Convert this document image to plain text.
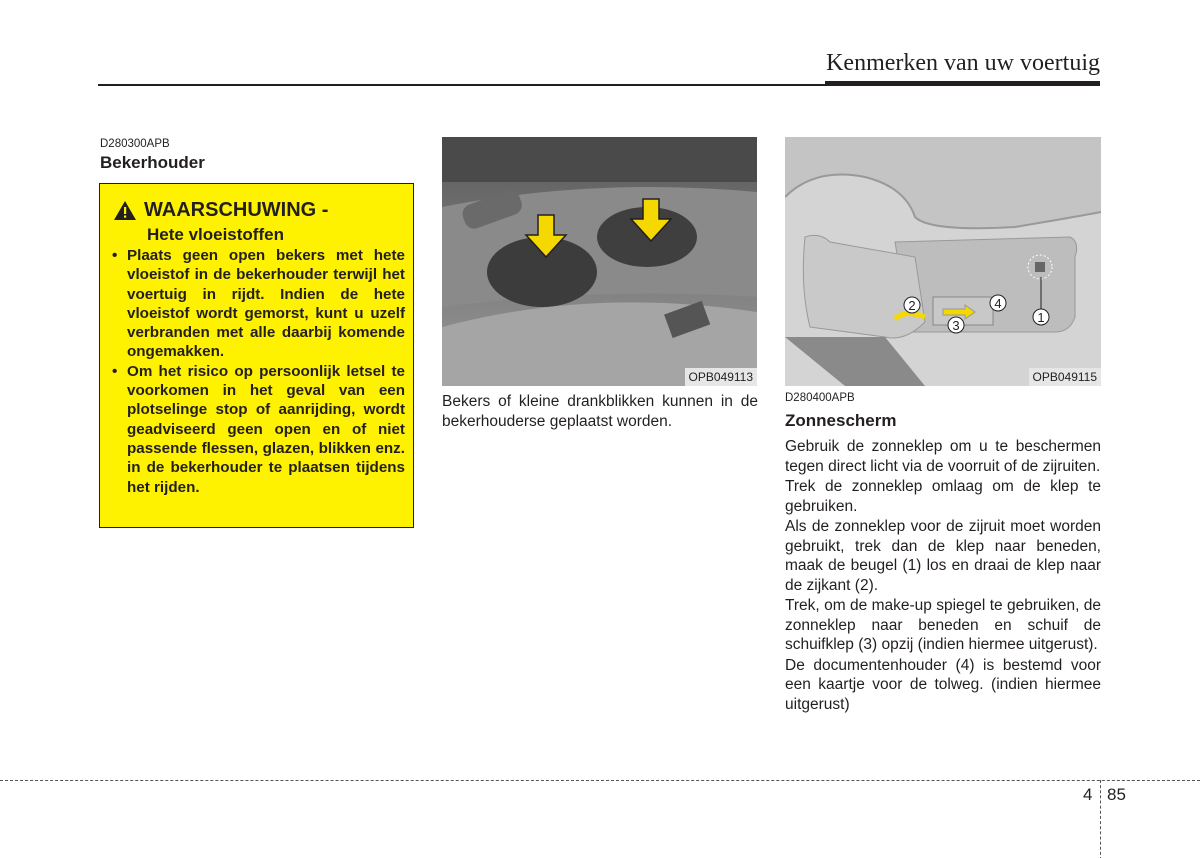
Kenmerken van uw voertuig
D280300APB
Bekerhouder
WAARSCHUWING -
Hete vloeistoffen
• Plaats geen open bekers met hete vloeistof in de bekerhouder terwijl het voertuig in rijdt. Indien de hete vloeistof wordt gemorst, kunt u uzelf verbranden met alle daarbij komende ongemakken.
• Om het risico op persoonlijk letsel te voorkomen in het geval van een plotselinge stop of aanrijding, wordt geadviseerd geen open en of niet passende flessen, glazen, blikken enz. in de bekerhouder te plaatsen tijdens het rijden.
OPB049113
Bekers of kleine drankblikken kunnen in de bekerhouderse geplaatst worden.
1
2
3
4
OPB049115
D280400APB
Zonnescherm

Gebruik de zonneklep om u te beschermen tegen direct licht via de voorruit of de zijruiten.

Trek de zonneklep omlaag om de klep te gebruiken.

Als de zonneklep voor de zijruit moet worden gebruikt, trek dan de klep naar beneden, maak de beugel (1) los en draai de klep naar de zijkant (2).

Trek, om de make-up spiegel te gebruiken, de zonneklep naar beneden en schuif de schuifklep (3) opzij (indien hiermee uitgerust).

De documentenhouder (4) is bestemd voor een kaartje voor de tolweg. (indien hiermee uitgerust)

4 85
